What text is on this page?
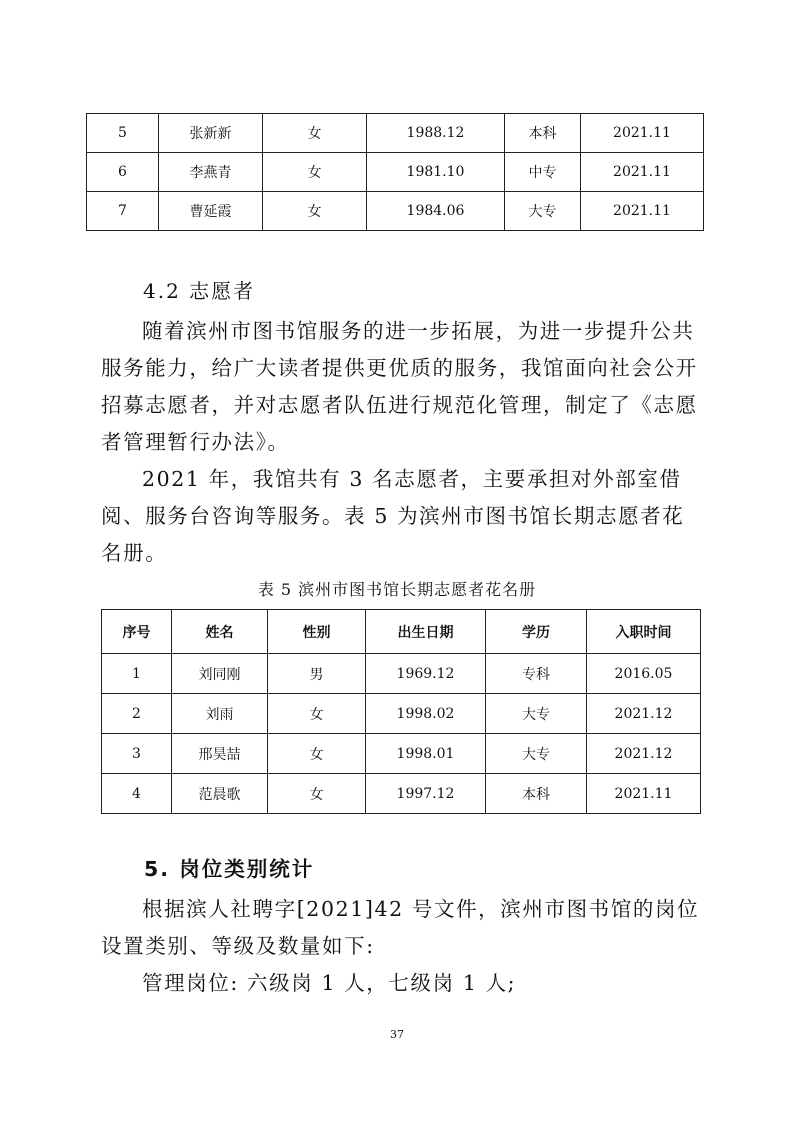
5	张新新	女	1988.12	本科	2021.11
6	李燕青	女	1981.10	中专	2021.11
7	曹延霞	女	1984.06	大专	2021.11

4.2 志愿者

随着滨州市图书馆服务的进一步拓展，为进一步提升公共服务能力，给广大读者提供更优质的服务，我馆面向社会公开招募志愿者，并对志愿者队伍进行规范化管理，制定了《志愿者管理暂行办法》。

2021 年，我馆共有 3 名志愿者，主要承担对外部室借阅、服务台咨询等服务。表 5 为滨州市图书馆长期志愿者花名册。

表 5 滨州市图书馆长期志愿者花名册

序号	姓名	性别	出生日期	学历	入职时间
1	刘同刚	男	1969.12	专科	2016.05
2	刘雨	女	1998.02	大专	2021.12
3	邢昊喆	女	1998.01	大专	2021.12
4	范晨歌	女	1997.12	本科	2021.11

5. 岗位类别统计

根据滨人社聘字[2021]42 号文件，滨州市图书馆的岗位设置类别、等级及数量如下:

管理岗位: 六级岗 1 人，七级岗 1 人;

37
